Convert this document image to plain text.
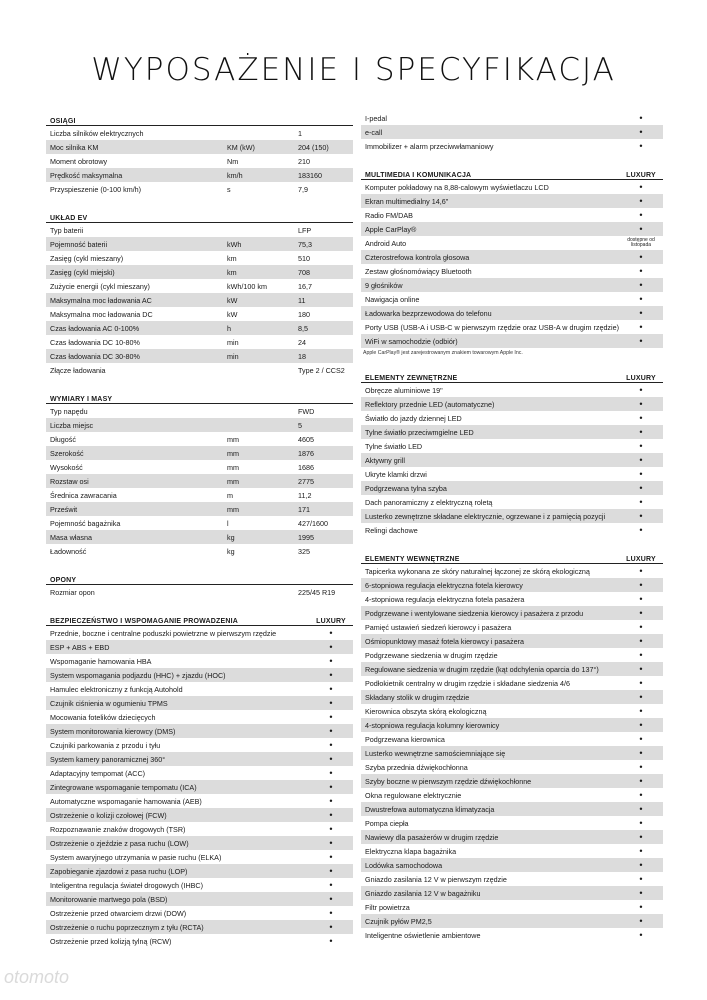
WYPOSAŻENIE I SPECYFIKACJA
OSIĄGI
Liczba silników elektrycznych	1
Moc silnika KM	KM (kW)	204 (150)
Moment obrotowy	Nm	210
Prędkość maksymalna	km/h	183160
Przyspieszenie (0-100 km/h)	s	7,9
UKŁAD EV
Typ baterii	LFP
Pojemność baterii	kWh	75,3
Zasięg (cykl mieszany)	km	510
Zasięg (cykl miejski)	km	708
Zużycie energii (cykl mieszany)	kWh/100 km	16,7
Maksymalna moc ładowania AC	kW	11
Maksymalna moc ładowania DC	kW	180
Czas ładowania AC 0-100%	h	8,5
Czas ładowania DC 10-80%	min	24
Czas ładowania DC 30-80%	min	18
Złącze ładowania	Type 2 / CCS2
WYMIARY I MASY
Typ napędu	FWD
Liczba miejsc	5
Długość	mm	4605
Szerokość	mm	1876
Wysokość	mm	1686
Rozstaw osi	mm	2775
Średnica zawracania	m	11,2
Prześwit	mm	171
Pojemność bagażnika	l	427/1600
Masa własna	kg	1995
Ładowność	kg	325
OPONY
Rozmiar opon	225/45 R19
BEZPIECZEŃSTWO I WSPOMAGANIE PROWADZENIA	LUXURY
Przednie, boczne i centralne poduszki powietrzne w pierwszym rzędzie	•
ESP + ABS + EBD	•
Wspomaganie hamowania HBA	•
System wspomagania podjazdu (HHC) + zjazdu (HOC)	•
Hamulec elektroniczny z funkcją Autohold	•
Czujnik ciśnienia w ogumieniu TPMS	•
Mocowania fotelików dziecięcych	•
System monitorowania kierowcy (DMS)	•
Czujniki parkowania z przodu i tyłu	•
System kamery panoramicznej 360°	•
Adaptacyjny tempomat (ACC)	•
Zintegrowane wspomaganie tempomatu (ICA)	•
Automatyczne wspomaganie hamowania (AEB)	•
Ostrzeżenie o kolizji czołowej (FCW)	•
Rozpoznawanie znaków drogowych (TSR)	•
Ostrzeżenie o zjeździe z pasa ruchu (LOW)	•
System awaryjnego utrzymania w pasie ruchu (ELKA)	•
Zapobieganie zjazdowi z pasa ruchu (LOP)	•
Inteligentna regulacja świateł drogowych (IHBC)	•
Monitorowanie martwego pola (BSD)	•
Ostrzeżenie przed otwarciem drzwi (DOW)	•
Ostrzeżenie o ruchu poprzecznym z tyłu (RCTA)	•
Ostrzeżenie przed kolizją tylną (RCW)	•
I-pedal	•
e-call	•
Immobilizer + alarm przeciwwłamaniowy	•
MULTIMEDIA I KOMUNIKACJA	LUXURY
Komputer pokładowy na 8,88-calowym wyświetlaczu LCD	•
Ekran multimedialny 14,6"	•
Radio FM/DAB	•
Apple CarPlay®	•
Android Auto	dostępne od listopada
Czterostrefowa kontrola głosowa	•
Zestaw głośnomówiący Bluetooth	•
9 głośników	•
Nawigacja online	•
Ładowarka bezprzewodowa do telefonu	•
Porty USB (USB-A i USB-C w pierwszym rzędzie oraz USB-A w drugim rzędzie)	•
WiFi w samochodzie (odbiór)	•
Apple CarPlay® jest zarejestrowanym znakiem towarowym Apple Inc.
ELEMENTY ZEWNĘTRZNE	LUXURY
Obręcze aluminiowe 19"	•
Reflektory przednie LED (automatyczne)	•
Światło do jazdy dziennej LED	•
Tylne światło przeciwmgielne LED	•
Tylne światło LED	•
Aktywny grill	•
Ukryte klamki drzwi	•
Podgrzewana tylna szyba	•
Dach panoramiczny z elektryczną roletą	•
Lusterko zewnętrzne składane elektrycznie, ogrzewane i z pamięcią pozycji	•
Relingi dachowe	•
ELEMENTY WEWNĘTRZNE	LUXURY
Tapicerka wykonana ze skóry naturalnej łączonej ze skórą ekologiczną	•
6-stopniowa regulacja elektryczna fotela kierowcy	•
4-stopniowa regulacja elektryczna fotela pasażera	•
Podgrzewane i wentylowane siedzenia kierowcy i pasażera z przodu	•
Pamięć ustawień siedzeń kierowcy i pasażera	•
Ośmiopunktowy masaż fotela kierowcy i pasażera	•
Podgrzewane siedzenia w drugim rzędzie	•
Regulowane siedzenia w drugim rzędzie (kąt odchylenia oparcia do 137°)	•
Podłokietnik centralny w drugim rzędzie i składane siedzenia 4/6	•
Składany stolik w drugim rzędzie	•
Kierownica obszyta skórą ekologiczną	•
4-stopniowa regulacja kolumny kierownicy	•
Podgrzewana kierownica	•
Lusterko wewnętrzne samościemniające się	•
Szyba przednia dźwiękochłonna	•
Szyby boczne w pierwszym rzędzie dźwiękochłonne	•
Okna regulowane elektrycznie	•
Dwustrefowa automatyczna klimatyzacja	•
Pompa ciepła	•
Nawiewy dla pasażerów w drugim rzędzie	•
Elektryczna klapa bagażnika	•
Lodówka samochodowa	•
Gniazdo zasilania 12 V w pierwszym rzędzie	•
Gniazdo zasilania 12 V w bagażniku	•
Filtr powietrza	•
Czujnik pyłów PM2,5	•
Inteligentne oświetlenie ambientowe	•
otomoto
